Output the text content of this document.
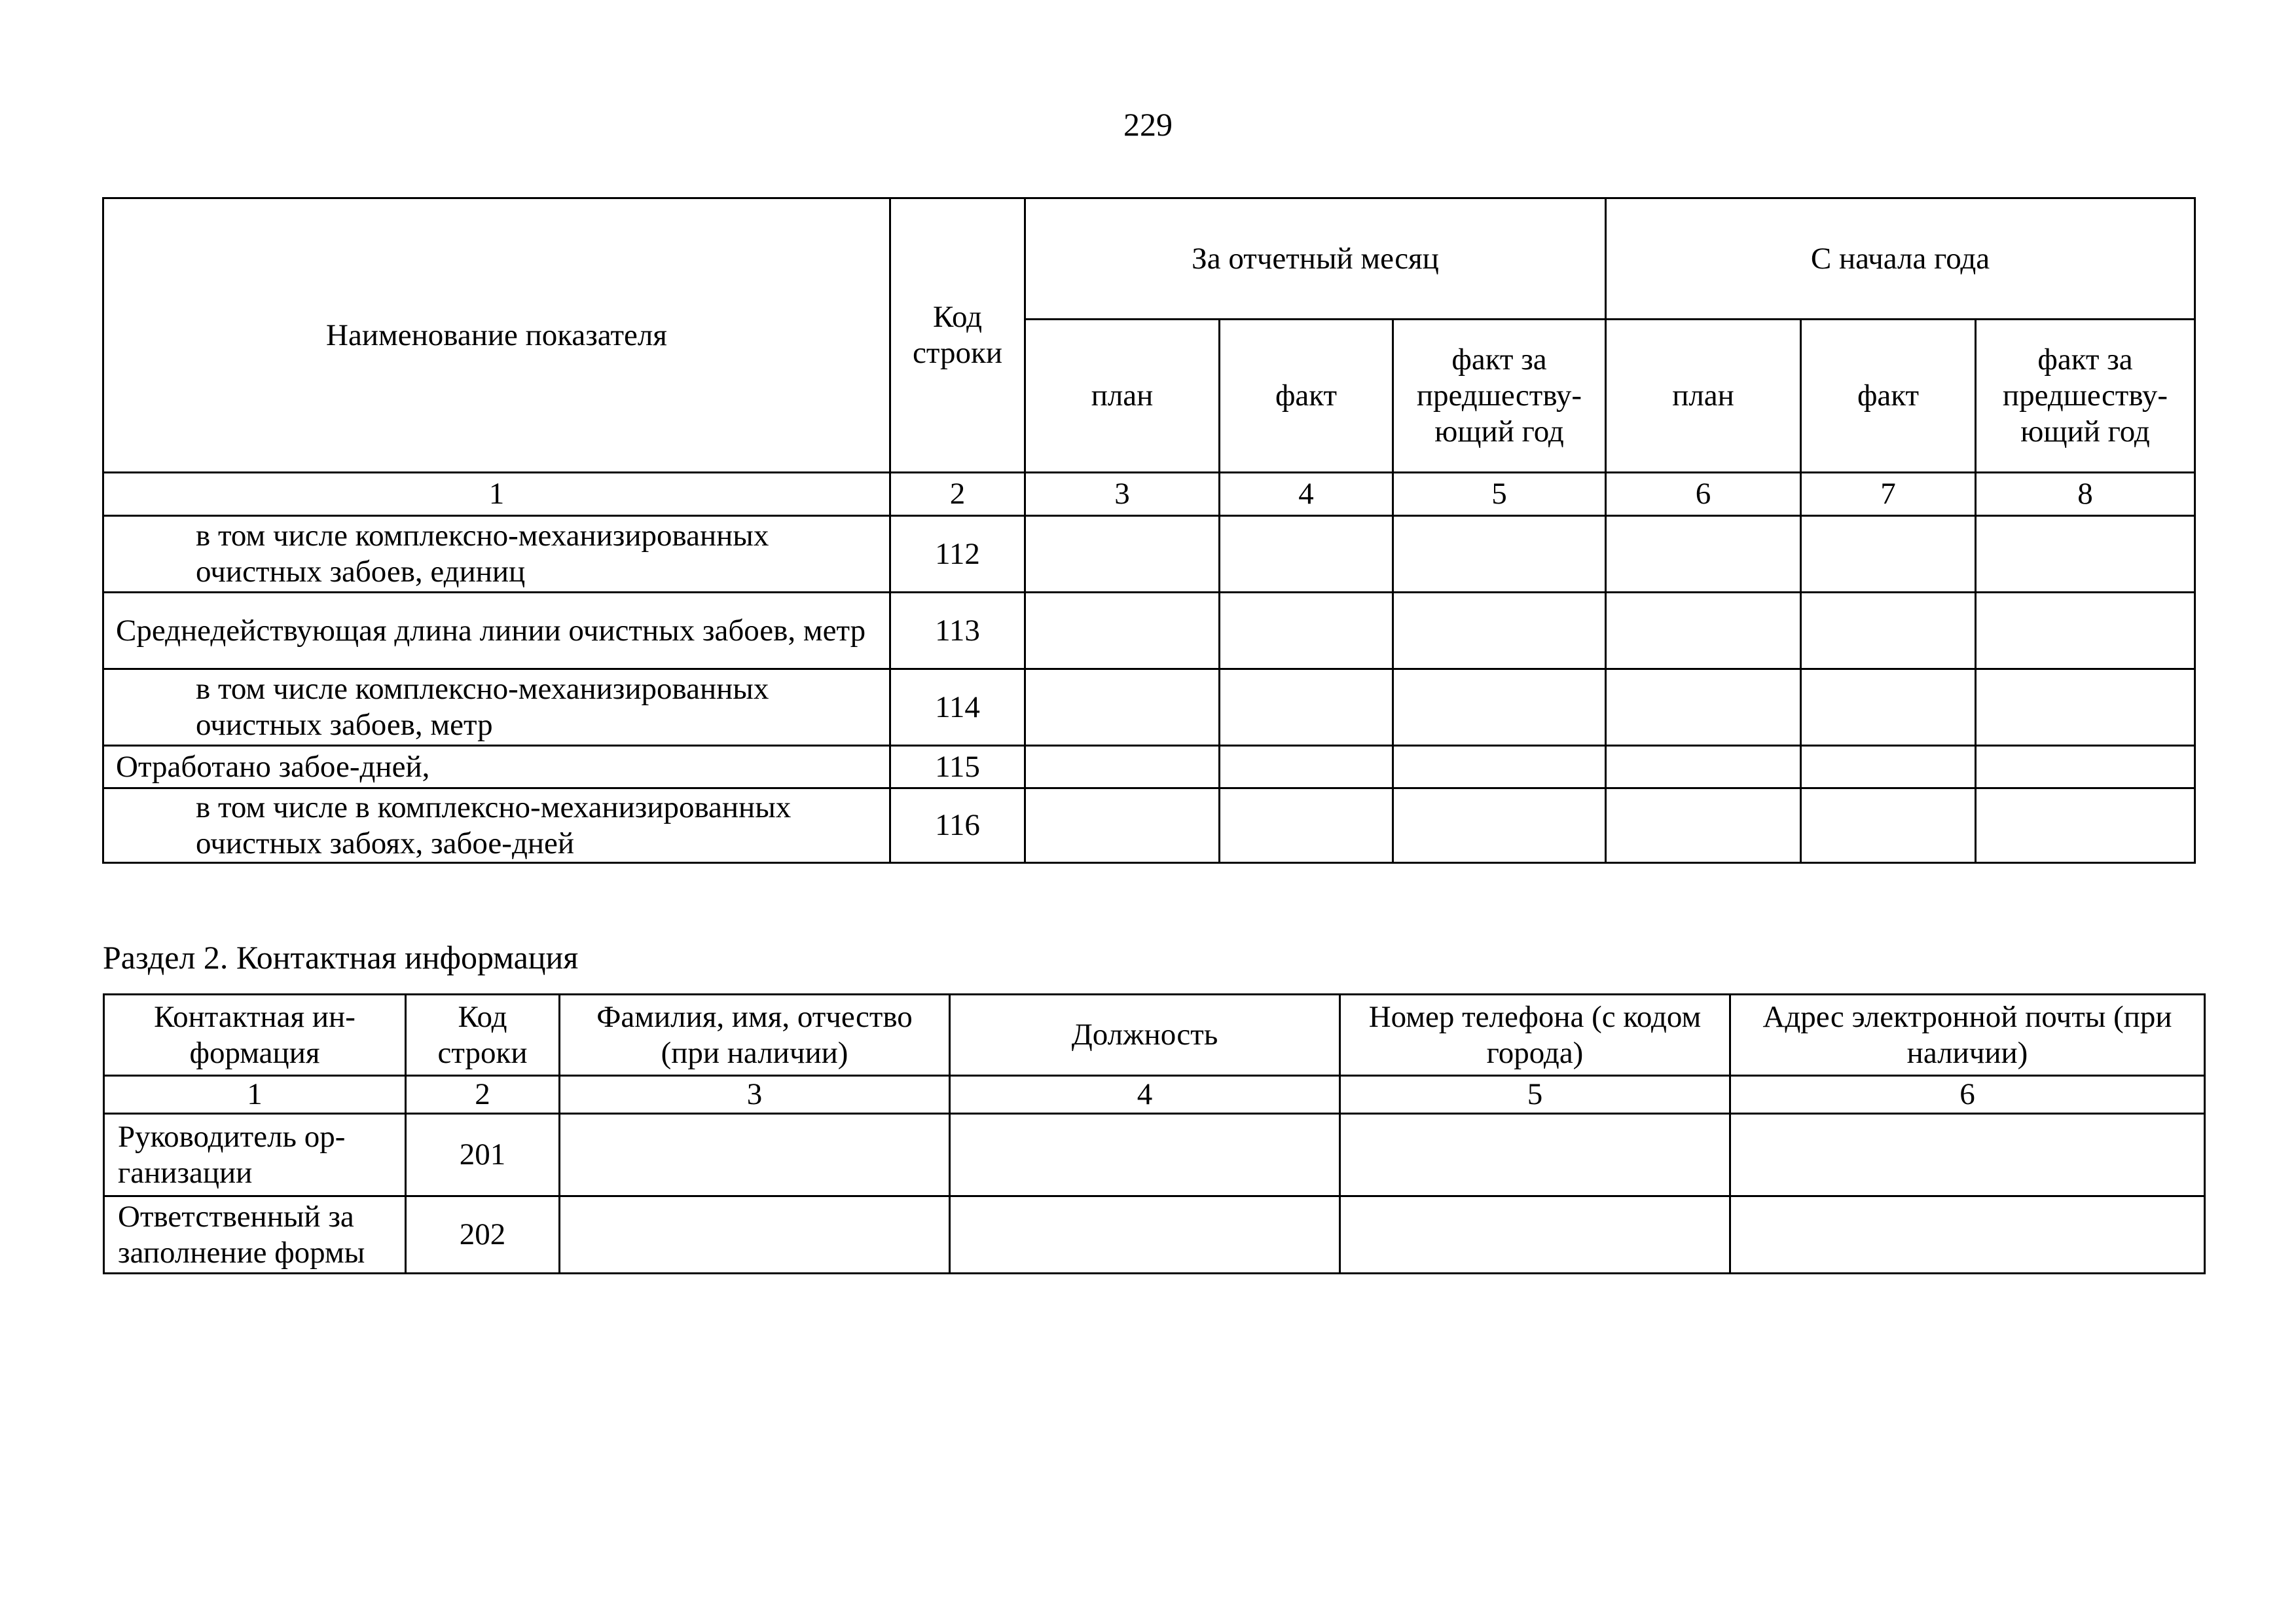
229
Наименование показателя	Код строки	За отчетный месяц			С начала года		
		план	факт	факт за предшеству-ющий год	план	факт	факт за предшеству-ющий год
1	2	3	4	5	6	7	8
в том числе комплексно-механизированных очистных забоев, единиц	112						
Среднедействующая длина линии очистных забоев, метр	113						
в том числе комплексно-механизированных очистных забоев, метр	114						
Отработано забое-дней,	115						
в том числе в комплексно-механизированных очистных забоях, забое-дней	116						
Раздел 2. Контактная информация
Контактная ин-формация	Код строки	Фамилия, имя, отчество (при наличии)	Должность	Номер телефона (с кодом города)	Адрес электронной почты (при наличии)
1	2	3	4	5	6
Руководитель ор-ганизации	201				
Ответственный за заполнение формы	202				
